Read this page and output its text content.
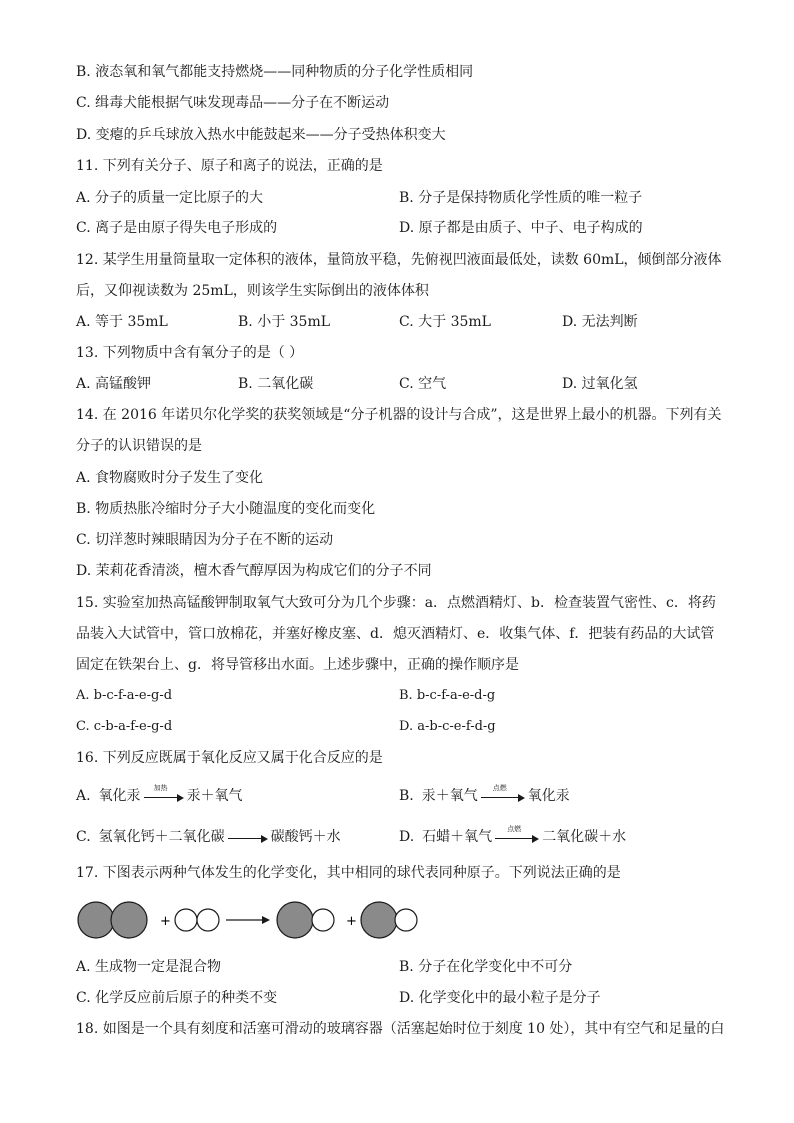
B. 液态氧和氧气都能支持燃烧——同种物质的分子化学性质相同
C. 缉毒犬能根据气味发现毒品——分子在不断运动
D. 变瘪的乒乓球放入热水中能鼓起来——分子受热体积变大
11. 下列有关分子、原子和离子的说法，正确的是
A. 分子的质量一定比原子的大	B. 分子是保持物质化学性质的唯一粒子
C. 离子是由原子得失电子形成的	D. 原子都是由质子、中子、电子构成的
12. 某学生用量筒量取一定体积的液体，量筒放平稳，先俯视凹液面最低处，读数 60mL，倾倒部分液体
后，又仰视读数为 25mL，则该学生实际倒出的液体体积
A. 等于 35mL	B. 小于 35mL	C. 大于 35mL	D. 无法判断
13. 下列物质中含有氧分子的是（ ）
A. 高锰酸钾	B. 二氧化碳	C. 空气	D. 过氧化氢
14. 在 2016 年诺贝尔化学奖的获奖领域是“分子机器的设计与合成”，这是世界上最小的机器。下列有关
分子的认识错误的是
A. 食物腐败时分子发生了变化
B. 物质热胀冷缩时分子大小随温度的变化而变化
C. 切洋葱时辣眼睛因为分子在不断的运动
D. 茉莉花香清淡，檀木香气醇厚因为构成它们的分子不同
15. 实验室加热高锰酸钾制取氧气大致可分为几个步骤：a．点燃酒精灯、b．检查装置气密性、c．将药
品装入大试管中，管口放棉花，并塞好橡皮塞、d．熄灭酒精灯、e．收集气体、f．把装有药品的大试管
固定在铁架台上、g．将导管移出水面。上述步骤中，正确的操作顺序是
A. b-c-f-a-e-g-d	B. b-c-f-a-e-d-g
C. c-b-a-f-e-g-d	D. a-b-c-e-f-d-g
16. 下列反应既属于氧化反应又属于化合反应的是
A. 氧化汞	加热	汞＋氧气	B. 汞＋氧气	点燃	氧化汞
C. 氢氧化钙＋二氧化碳	碳酸钙＋水	D. 石蜡＋氧气	点燃	二氧化碳＋水
17. 下图表示两种气体发生的化学变化，其中相同的球代表同种原子。下列说法正确的是
+	+
A. 生成物一定是混合物	B. 分子在化学变化中不可分
C. 化学反应前后原子的种类不变	D. 化学变化中的最小粒子是分子
18. 如图是一个具有刻度和活塞可滑动的玻璃容器（活塞起始时位于刻度 10 处），其中有空气和足量的白
